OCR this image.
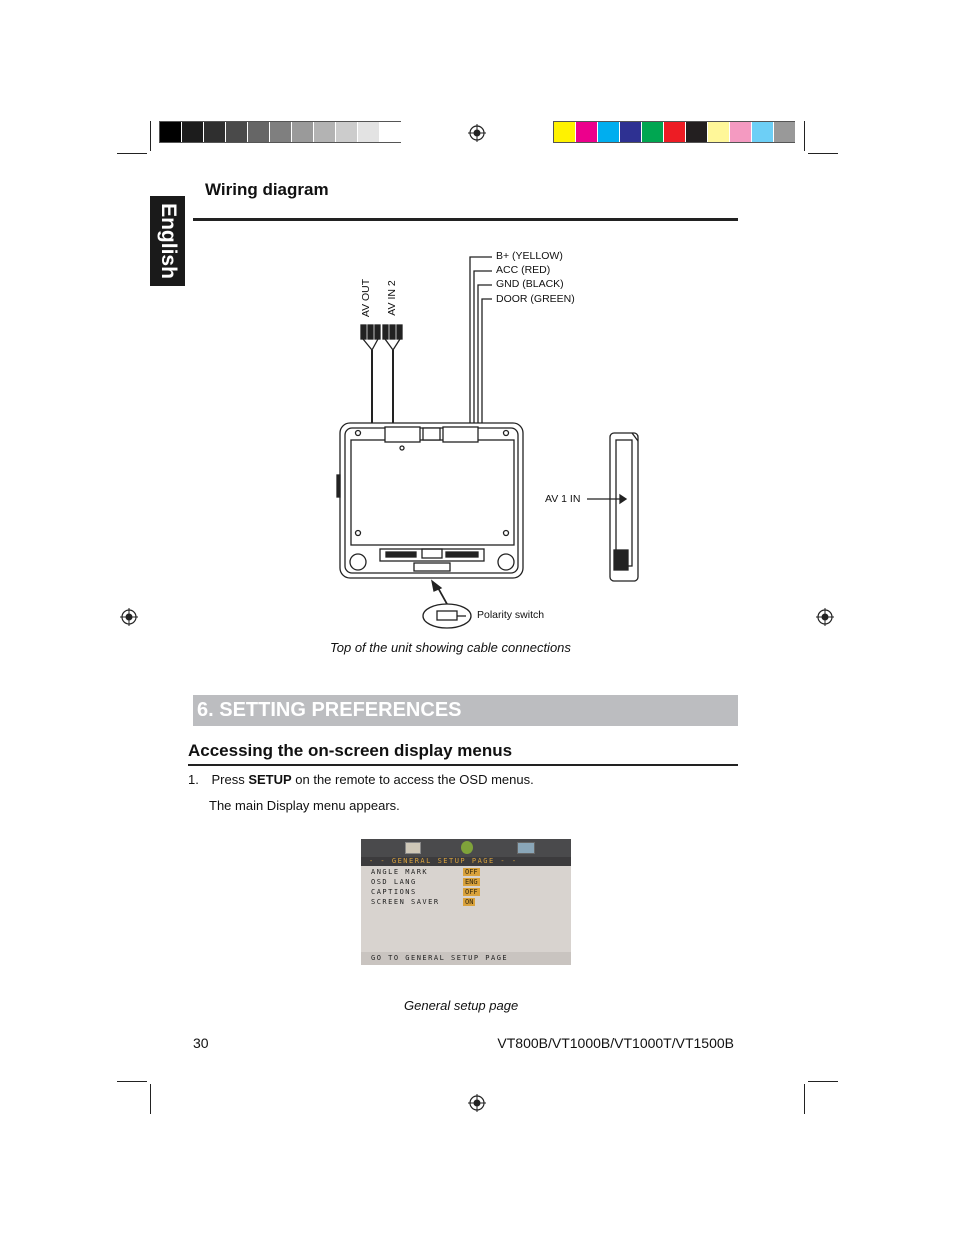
English
Wiring diagram
B+ (YELLOW)
ACC (RED)
GND (BLACK)
DOOR (GREEN)
AV OUT AV IN 2
AV 1 IN
Polarity switch
Top of the unit showing cable connections
6. SETTING PREFERENCES
Accessing the on-screen display menus
1. Press SETUP on the remote to access the OSD menus.
The main Display menu appears.
- - GENERAL SETUP PAGE - -
ANGLE MARK	OFF
OSD LANG	ENG
CAPTIONS	OFF
SCREEN SAVER	ON
GO TO GENERAL SETUP PAGE
General setup page
30	VT800B/VT1000B/VT1000T/VT1500B
